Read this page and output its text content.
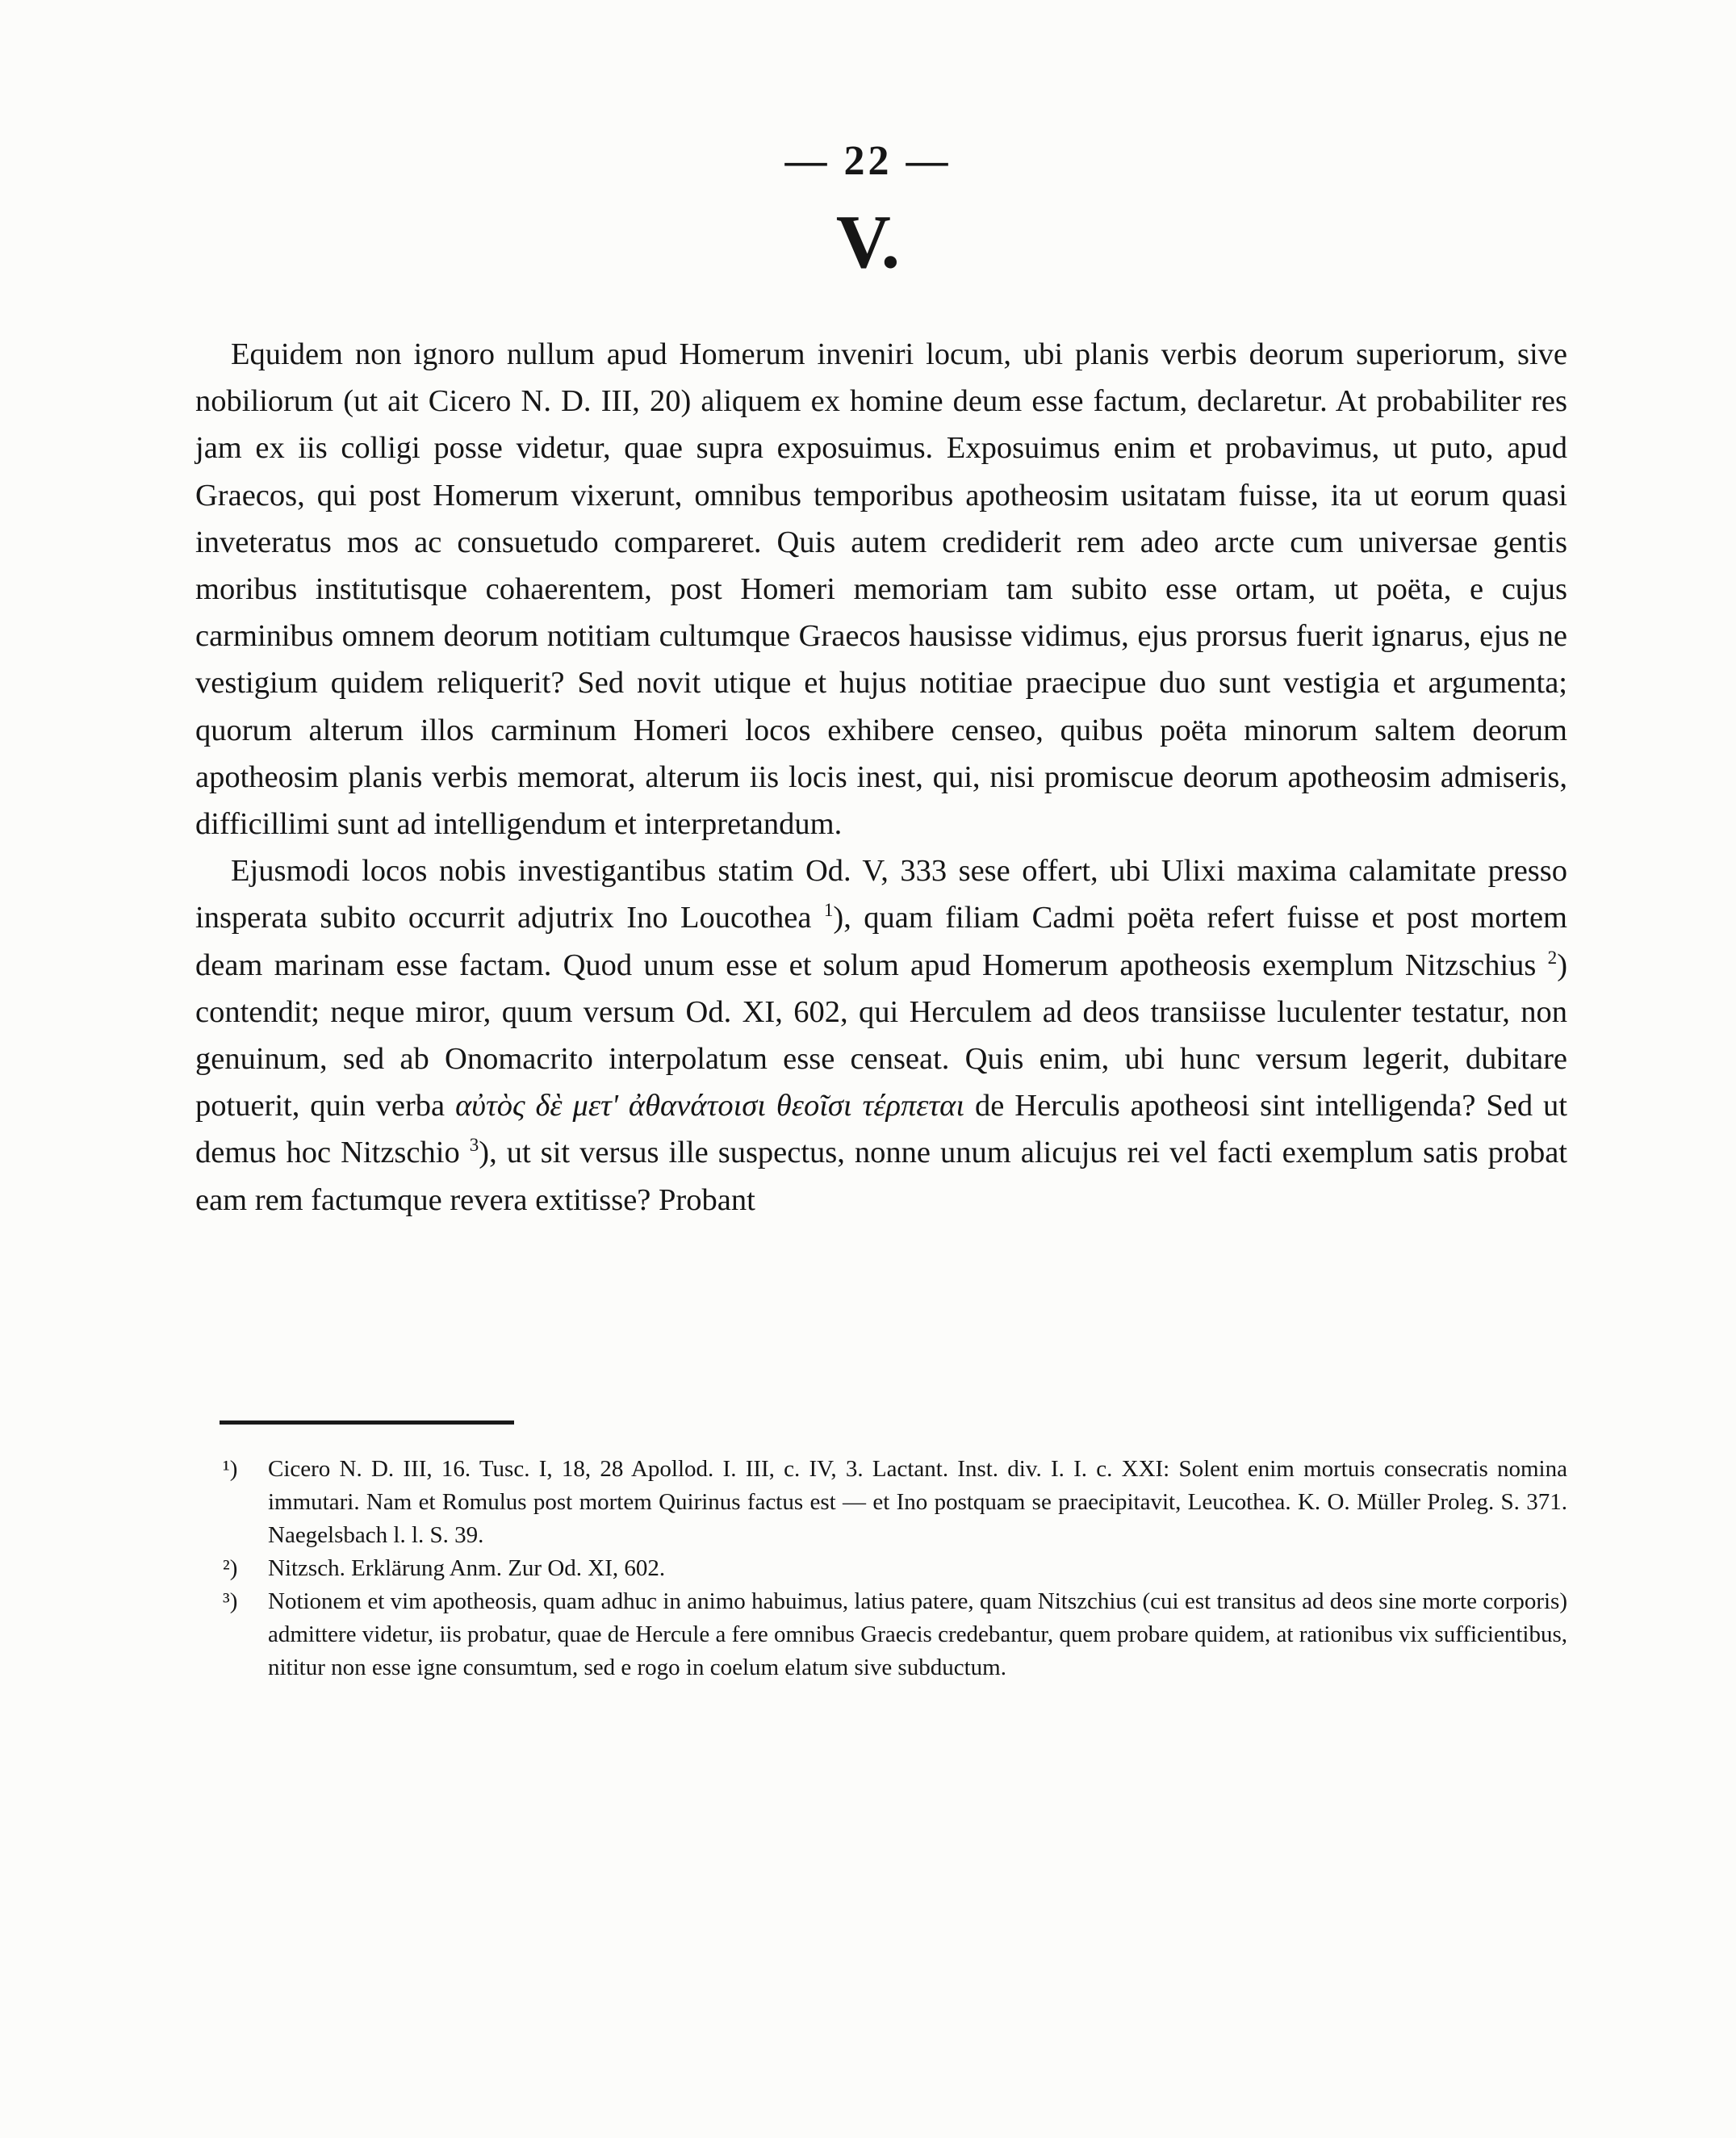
— 22 —
V.

Equidem non ignoro nullum apud Homerum inveniri locum, ubi planis verbis deorum superiorum, sive nobiliorum (ut ait Cicero N. D. III, 20) aliquem ex homine deum esse factum, declaretur. At probabiliter res jam ex iis colligi posse videtur, quae supra exposuimus. Exposuimus enim et probavimus, ut puto, apud Graecos, qui post Homerum vixerunt, omnibus temporibus apotheosim usitatam fuisse, ita ut eorum quasi inveteratus mos ac consuetudo compareret. Quis autem crediderit rem adeo arcte cum universae gentis moribus institutisque cohaerentem, post Homeri memoriam tam subito esse ortam, ut poëta, e cujus carminibus omnem deorum notitiam cultumque Graecos hausisse vidimus, ejus prorsus fuerit ignarus, ejus ne vestigium quidem reliquerit? Sed novit utique et hujus notitiae praecipue duo sunt vestigia et argumenta; quorum alterum illos carminum Homeri locos exhibere censeo, quibus poëta minorum saltem deorum apotheosim planis verbis memorat, alterum iis locis inest, qui, nisi promiscue deorum apotheosim admiseris, difficillimi sunt ad intelligendum et interpretandum.

Ejusmodi locos nobis investigantibus statim Od. V, 333 sese offert, ubi Ulixi maxima calamitate presso insperata subito occurrit adjutrix Ino Loucothea $^1$), quam filiam Cadmi poëta refert fuisse et post mortem deam marinam esse factam. Quod unum esse et solum apud Homerum apotheosis exemplum Nitzschius $^2$) contendit; neque miror, quum versum Od. XI, 602, qui Herculem ad deos transiisse luculenter testatur, non genuinum, sed ab Onomacrito interpolatum esse censeat. Quis enim, ubi hunc versum legerit, dubitare potuerit, quin verba αὐτὸς δὲ μετ' ἀθανάτοισι θεοῖσι τέρπεται de Herculis apotheosi sint intelligenda? Sed ut demus hoc Nitzschio $^3$), ut sit versus ille suspectus, nonne unum alicujus rei vel facti exemplum satis probat eam rem factumque revera extitisse? Probant

¹) Cicero N. D. III, 16. Tusc. I, 18, 28 Apollod. I. III, c. IV, 3. Lactant. Inst. div. I. I. c. XXI: Solent enim mortuis consecratis nomina immutari. Nam et Romulus post mortem Quirinus factus est — et Ino postquam se praecipitavit, Leucothea. K. O. Müller Proleg. S. 371. Naegelsbach l. l. S. 39.

²) Nitzsch. Erklärung Anm. Zur Od. XI, 602.

³) Notionem et vim apotheosis, quam adhuc in animo habuimus, latius patere, quam Nitszchius (cui est transitus ad deos sine morte corporis) admittere videtur, iis probatur, quae de Hercule a fere omnibus Graecis credebantur, quem probare quidem, at rationibus vix sufficientibus, nititur non esse igne consumtum, sed e rogo in coelum elatum sive subductum.
